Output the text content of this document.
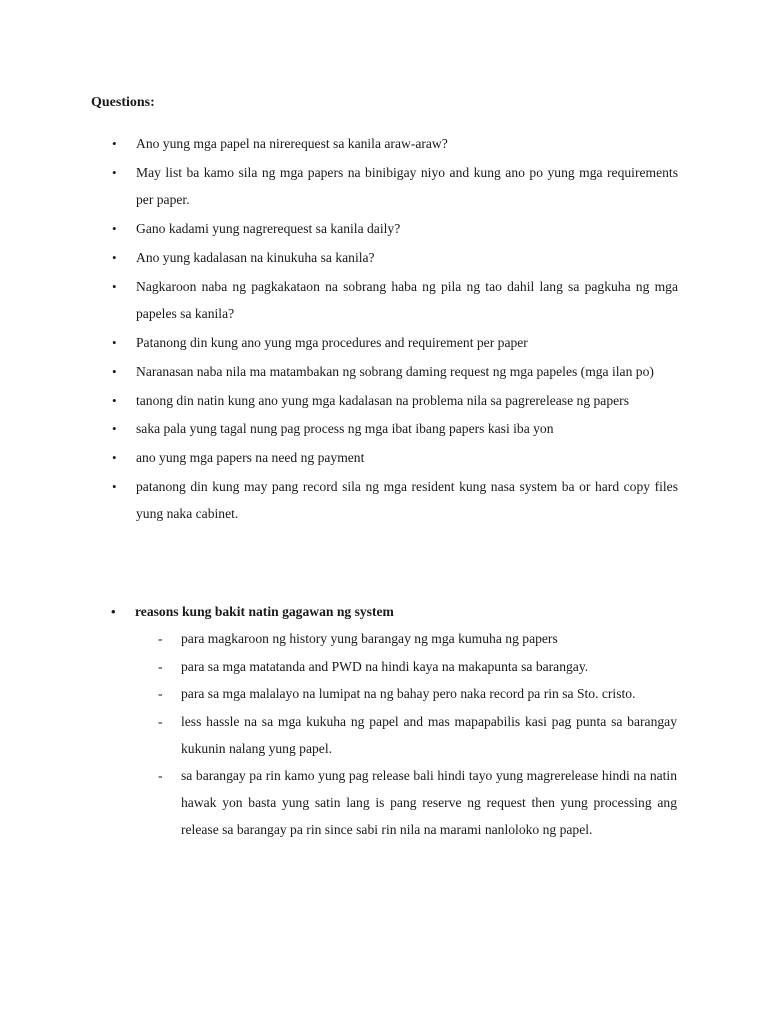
Questions:

• Ano yung mga papel na nirerequest sa kanila araw-araw?
• May list ba kamo sila ng mga papers na binibigay niyo and kung ano po yung mga requirements per paper.
• Gano kadami yung nagrerequest sa kanila daily?
• Ano yung kadalasan na kinukuha sa kanila?
• Nagkaroon naba ng pagkakataon na sobrang haba ng pila ng tao dahil lang sa pagkuha ng mga papeles sa kanila?
• Patanong din kung ano yung mga procedures and requirement per paper
• Naranasan naba nila ma matambakan ng sobrang daming request ng mga papeles (mga ilan po)
• tanong din natin kung ano yung mga kadalasan na problema nila sa pagrerelease ng papers
• saka pala yung tagal nung pag process ng mga ibat ibang papers kasi iba yon
• ano yung mga papers na need ng payment
• patanong din kung may pang record sila ng mga resident kung nasa system ba or hard copy files yung naka cabinet.

• reasons kung bakit natin gagawan ng system

- para magkaroon ng history yung barangay ng mga kumuha ng papers
- para sa mga matatanda and PWD na hindi kaya na makapunta sa barangay.
- para sa mga malalayo na lumipat na ng bahay pero naka record pa rin sa Sto. cristo.
- less hassle na sa mga kukuha ng papel and mas mapapabilis kasi pag punta sa barangay kukunin nalang yung papel.
- sa barangay pa rin kamo yung pag release bali hindi tayo yung magrerelease hindi na natin hawak yon basta yung satin lang is pang reserve ng request then yung processing ang release sa barangay pa rin since sabi rin nila na marami nanloloko ng papel.
